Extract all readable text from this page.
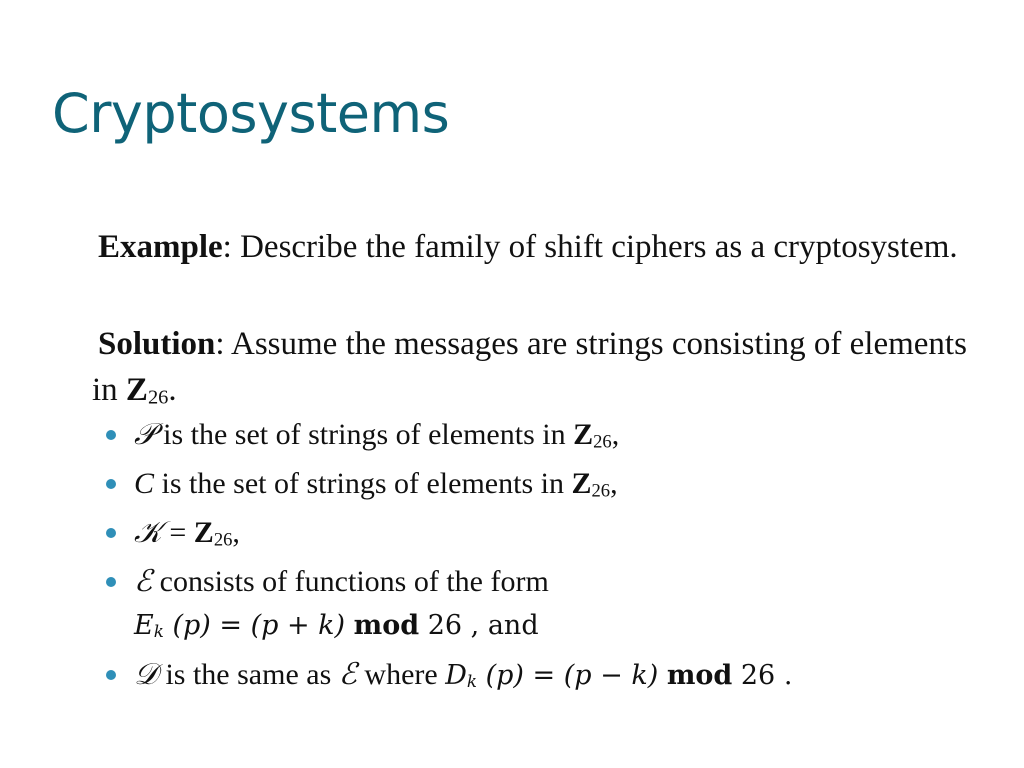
Cryptosystems

Example: Describe the family of shift ciphers as a cryptosystem.

Solution: Assume the messages are strings consisting of elements in $Z_{26}$.

𝒫 is the set of strings of elements in $Z_{26}$,
C is the set of strings of elements in $Z_{26}$,
𝒦 = $Z_{26}$,
ℰ consists of functions of the form
$E_k$ (p) = (p + k) mod 26 , and
𝒟 is the same as ℰ where $D_k$ (p) = (p − k) mod 26 .
